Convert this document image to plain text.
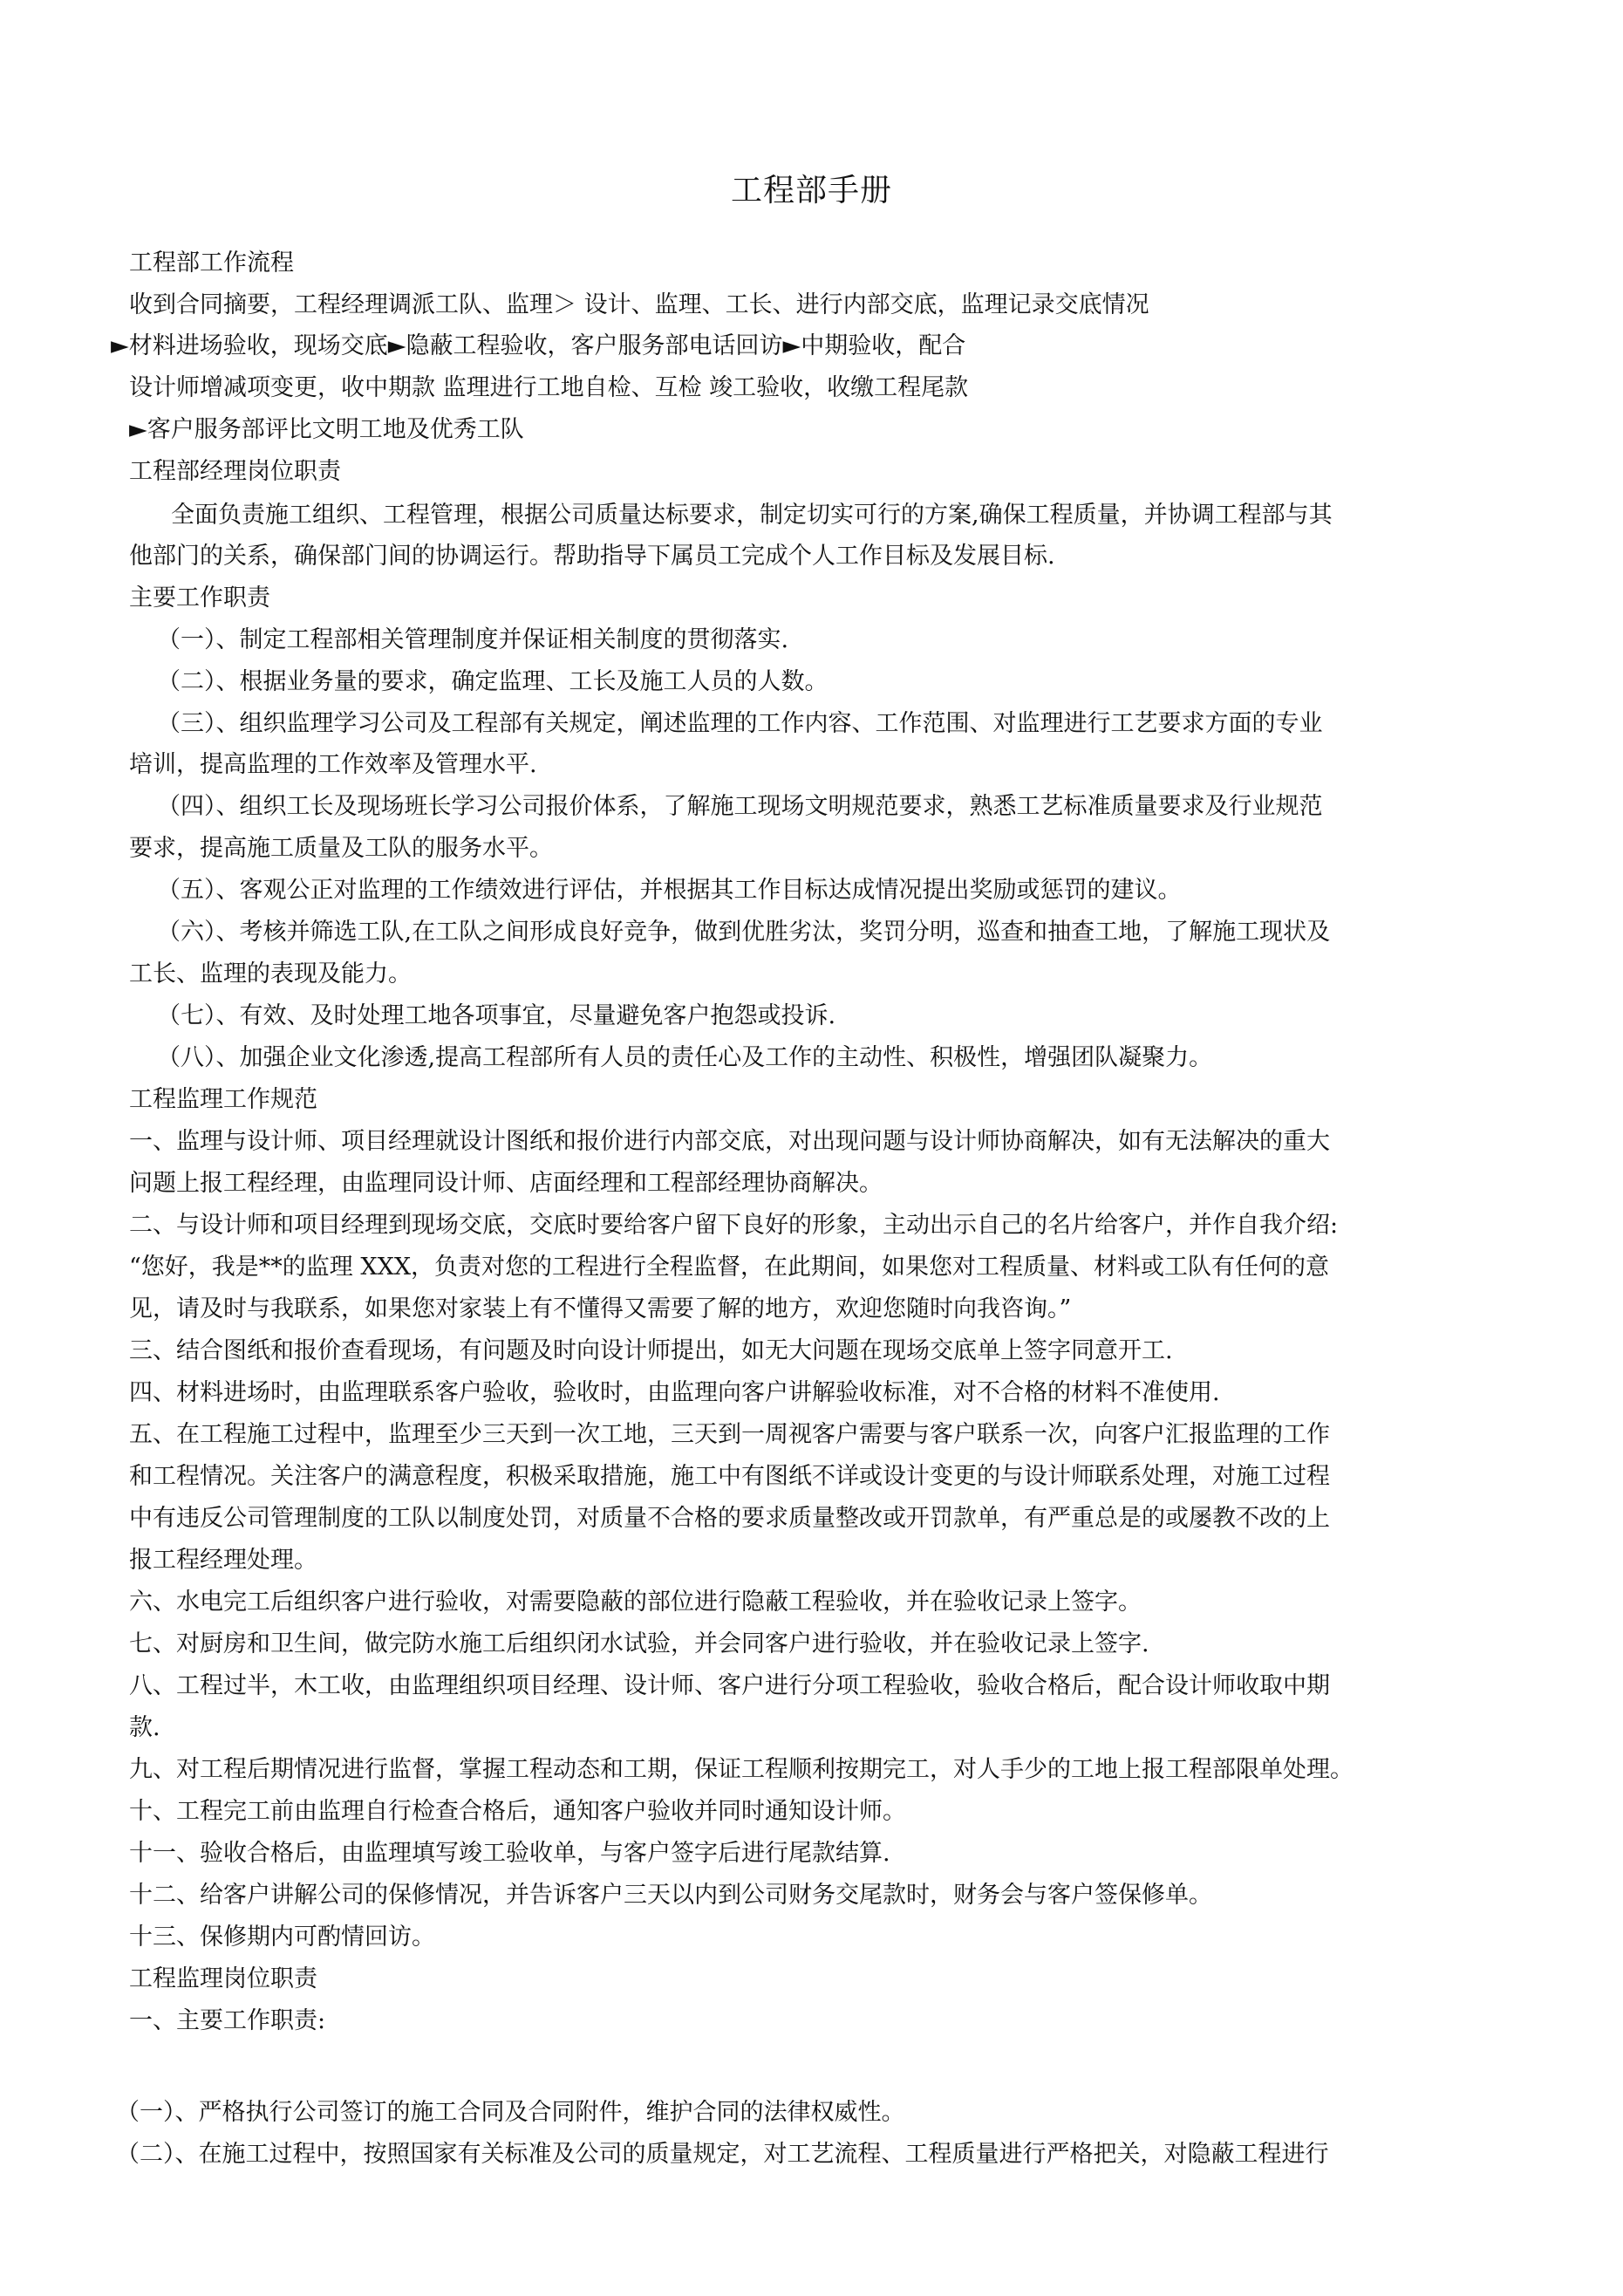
工程部手册

工程部工作流程

收到合同摘要，工程经理调派工队、监理＞ 设计、监理、工长、进行内部交底，监理记录交底情况

►材料进场验收，现场交底►隐蔽工程验收，客户服务部电话回访►中期验收，配合

设计师增减项变更，收中期款 监理进行工地自检、互检 竣工验收，收缴工程尾款

►客户服务部评比文明工地及优秀工队

工程部经理岗位职责

全面负责施工组织、工程管理，根据公司质量达标要求，制定切实可行的方案,确保工程质量，并协调工程部与其

他部门的关系，确保部门间的协调运行。帮助指导下属员工完成个人工作目标及发展目标.

主要工作职责

（一）、制定工程部相关管理制度并保证相关制度的贯彻落实.

（二）、根据业务量的要求，确定监理、工长及施工人员的人数。

（三）、组织监理学习公司及工程部有关规定，阐述监理的工作内容、工作范围、对监理进行工艺要求方面的专业

培训，提高监理的工作效率及管理水平.

（四）、组织工长及现场班长学习公司报价体系，了解施工现场文明规范要求，熟悉工艺标准质量要求及行业规范

要求，提高施工质量及工队的服务水平。

（五）、客观公正对监理的工作绩效进行评估，并根据其工作目标达成情况提出奖励或惩罚的建议。

（六）、考核并筛选工队,在工队之间形成良好竞争，做到优胜劣汰，奖罚分明，巡查和抽查工地，了解施工现状及

工长、监理的表现及能力。

（七）、有效、及时处理工地各项事宜，尽量避免客户抱怨或投诉.

（八）、加强企业文化渗透,提高工程部所有人员的责任心及工作的主动性、积极性，增强团队凝聚力。

工程监理工作规范

一、监理与设计师、项目经理就设计图纸和报价进行内部交底，对出现问题与设计师协商解决，如有无法解决的重大

问题上报工程经理，由监理同设计师、店面经理和工程部经理协商解决。

二、与设计师和项目经理到现场交底，交底时要给客户留下良好的形象，主动出示自己的名片给客户，并作自我介绍:

“您好，我是**的监理 XXX，负责对您的工程进行全程监督，在此期间，如果您对工程质量、材料或工队有任何的意

见，请及时与我联系，如果您对家装上有不懂得又需要了解的地方，欢迎您随时向我咨询。”

三、结合图纸和报价查看现场，有问题及时向设计师提出，如无大问题在现场交底单上签字同意开工.

四、材料进场时，由监理联系客户验收，验收时，由监理向客户讲解验收标准，对不合格的材料不准使用.

五、在工程施工过程中，监理至少三天到一次工地，三天到一周视客户需要与客户联系一次，向客户汇报监理的工作

和工程情况。关注客户的满意程度，积极采取措施，施工中有图纸不详或设计变更的与设计师联系处理，对施工过程

中有违反公司管理制度的工队以制度处罚，对质量不合格的要求质量整改或开罚款单，有严重总是的或屡教不改的上

报工程经理处理。

六、水电完工后组织客户进行验收，对需要隐蔽的部位进行隐蔽工程验收，并在验收记录上签字。

七、对厨房和卫生间，做完防水施工后组织闭水试验，并会同客户进行验收，并在验收记录上签字.

八、工程过半，木工收，由监理组织项目经理、设计师、客户进行分项工程验收，验收合格后，配合设计师收取中期

款.

九、对工程后期情况进行监督，掌握工程动态和工期，保证工程顺利按期完工，对人手少的工地上报工程部限单处理。

十、工程完工前由监理自行检查合格后，通知客户验收并同时通知设计师。

十一、验收合格后，由监理填写竣工验收单，与客户签字后进行尾款结算.

十二、给客户讲解公司的保修情况，并告诉客户三天以内到公司财务交尾款时，财务会与客户签保修单。

十三、保修期内可酌情回访。

工程监理岗位职责

一、主要工作职责:

（一）、严格执行公司签订的施工合同及合同附件，维护合同的法律权威性。

（二）、在施工过程中，按照国家有关标准及公司的质量规定，对工艺流程、工程质量进行严格把关，对隐蔽工程进行
